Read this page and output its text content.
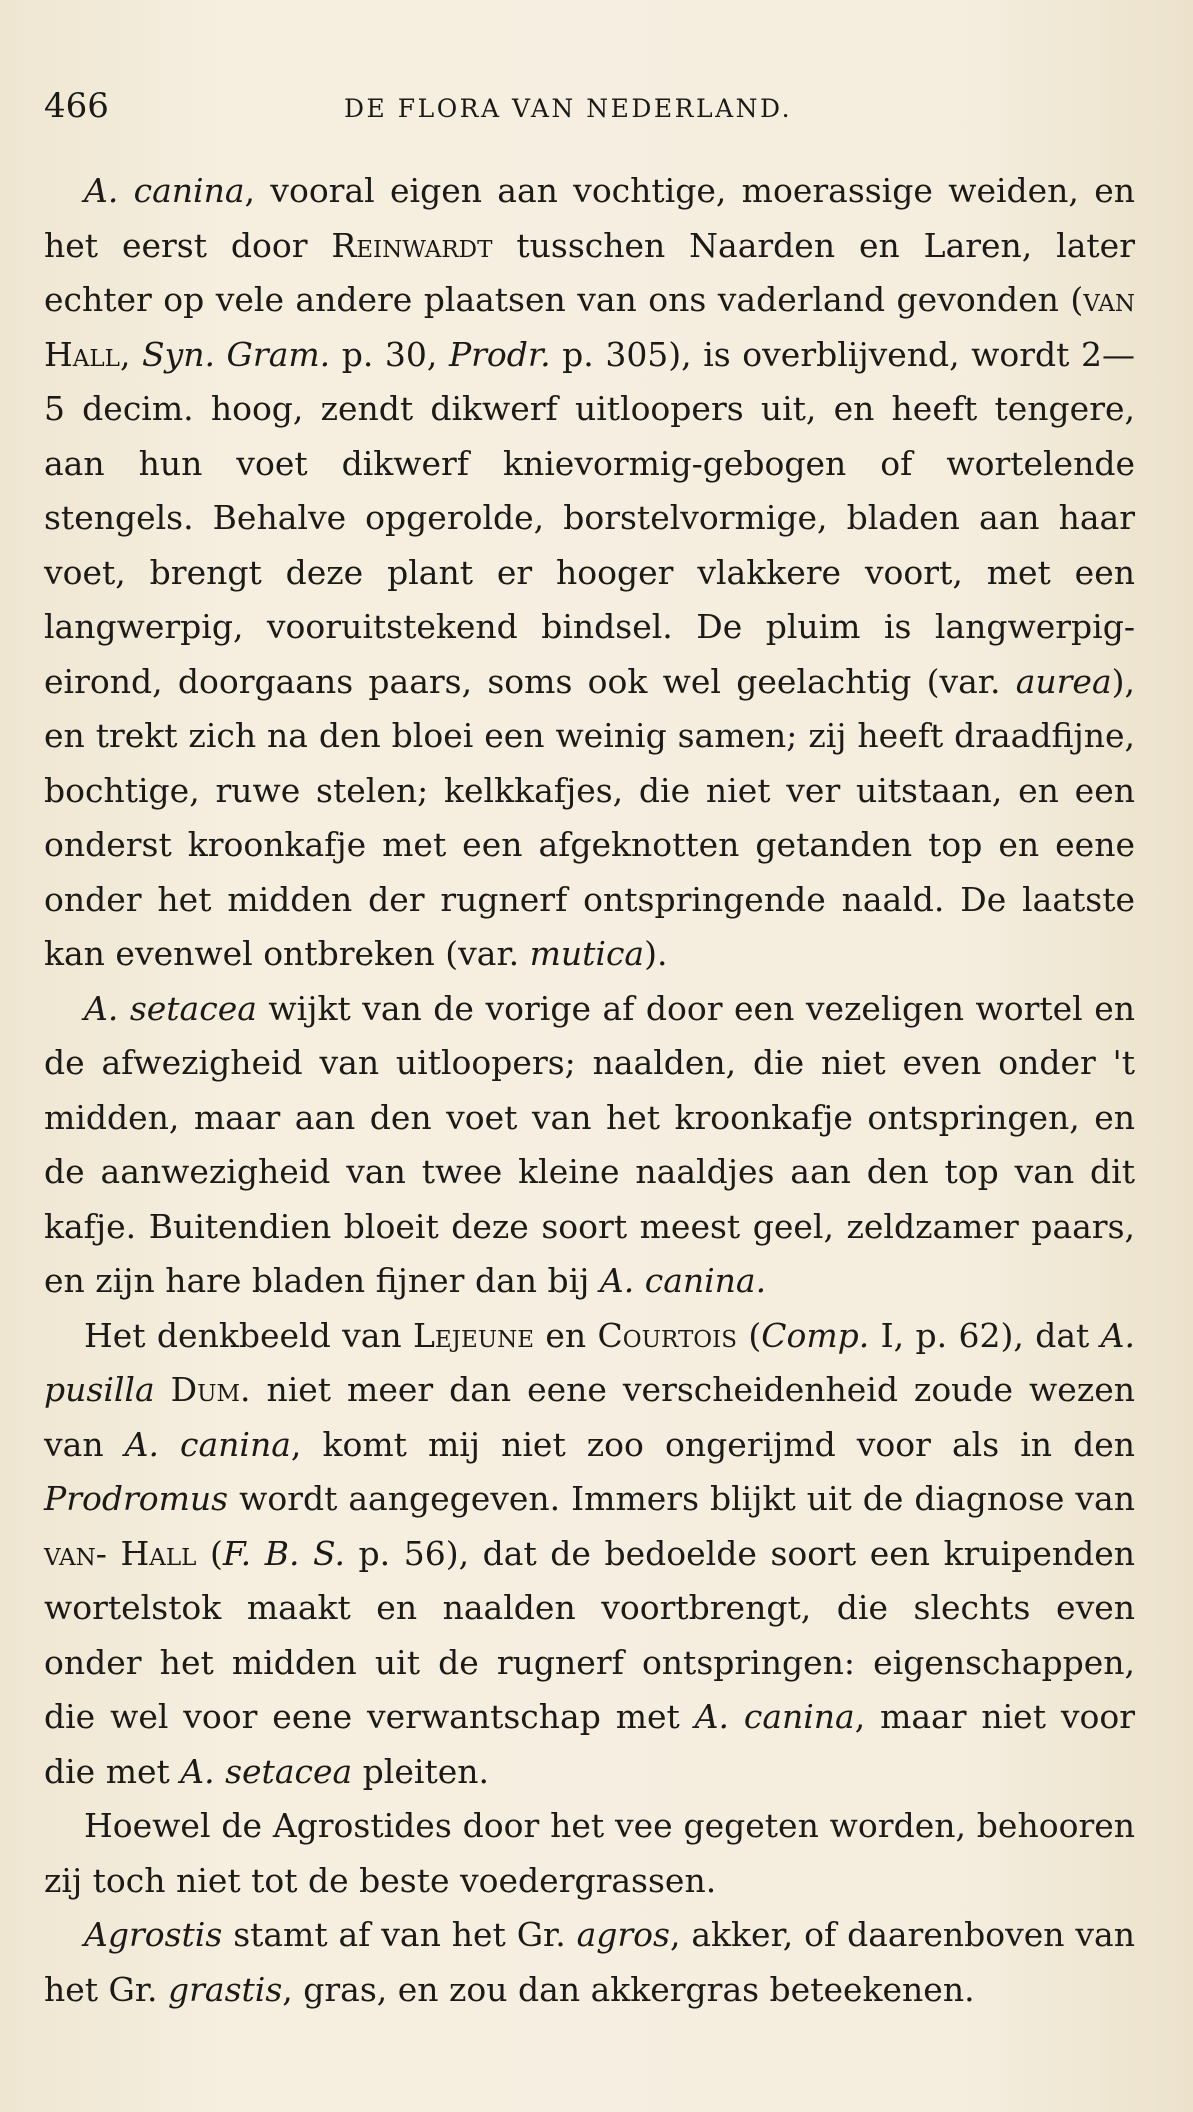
466	DE FLORA VAN NEDERLAND.

A. canina, vooral eigen aan vochtige, moerassige weiden, en het eerst door Reinwardt tusschen Naarden en Laren, later echter op vele andere plaatsen van ons vaderland gevonden (van Hall, Syn. Gram. p. 30, Prodr. p. 305), is overblijvend, wordt 2—5 decim. hoog, zendt dikwerf uitloopers uit, en heeft tengere, aan hun voet dikwerf knievormig-gebogen of wortelende stengels. Behalve opgerolde, borstelvormige, bladen aan haar voet, brengt deze plant er hooger vlakkere voort, met een langwerpig, vooruitstekend bindsel. De pluim is langwerpig-eirond, doorgaans paars, soms ook wel geelachtig (var. aurea), en trekt zich na den bloei een weinig samen; zij heeft draadfijne, bochtige, ruwe stelen; kelkkafjes, die niet ver uitstaan, en een onderst kroonkafje met een afgeknotten getanden top en eene onder het midden der rugnerf ontspringende naald. De laatste kan evenwel ontbreken (var. mutica).

A. setacea wijkt van de vorige af door een vezeligen wortel en de afwezigheid van uitloopers; naalden, die niet even onder 't midden, maar aan den voet van het kroonkafje ontspringen, en de aanwezigheid van twee kleine naaldjes aan den top van dit kafje. Buitendien bloeit deze soort meest geel, zeldzamer paars, en zijn hare bladen fijner dan bij A. canina.

Het denkbeeld van Lejeune en Courtois (Comp. I, p. 62), dat A. pusilla Dum. niet meer dan eene verscheidenheid zoude wezen van A. canina, komt mij niet zoo ongerijmd voor als in den Prodromus wordt aangegeven. Immers blijkt uit de diagnose van van- Hall (F. B. S. p. 56), dat de bedoelde soort een kruipenden wortelstok maakt en naalden voortbrengt, die slechts even onder het midden uit de rugnerf ontspringen: eigenschappen, die wel voor eene verwantschap met A. canina, maar niet voor die met A. setacea pleiten.

Hoewel de Agrostides door het vee gegeten worden, behooren zij toch niet tot de beste voedergrassen.

Agrostis stamt af van het Gr. agros, akker, of daarenboven van het Gr. grastis, gras, en zou dan akkergras beteekenen.
